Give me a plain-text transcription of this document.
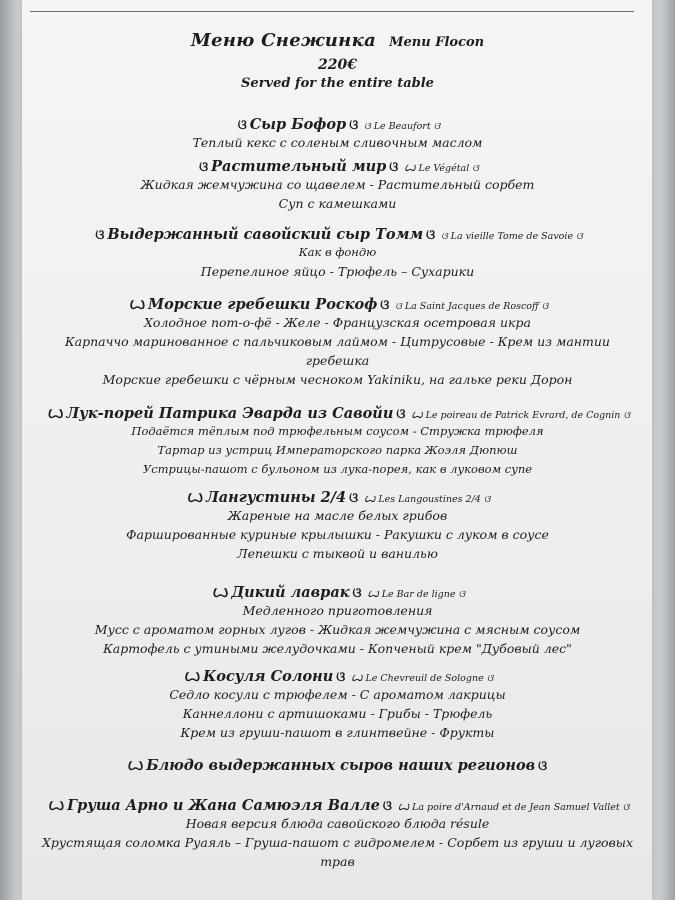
Меню Снежинка Menu Flocon
220€
Served for the entire table
ଓ Сыр Бофор ଓ ଓ Le Beaufort ଓ
Теплый кекс с соленым сливочным маслом
ଓ Растительный мир ଓ Ꙍ Le Végétal ଓ
Жидкая жемчужина со щавелем - Растительный сорбет
Суп с камешками
ଓ Выдержанный савойский сыр Томм ଓ ଓ La vieille Tome de Savoie ଓ
Как в фондю
Перепелиное яйцо - Трюфель – Сухарики
Ꙍ Морские гребешки Роскоф ଓ ଓ La Saint Jacques de Roscoff ଓ
Холодное пот-о-фё - Желе - Французская осетровая икра
Карпаччо маринованное с пальчиковым лаймом - Цитрусовые - Крем из мантии
гребешка
Морские гребешки с чёрным чесноком Yakiniku, на гальке реки Дорон
Ꙍ Лук-порей Патрика Эварда из Савойи ଓ Ꙍ Le poireau de Patrick Evrard, de Cognin ଓ
Подаётся тёплым под трюфельным соусом - Стружка трюфеля
Тартар из устриц Императорского парка Жоэля Дюпюш
Устрицы-пашот с бульоном из лука-порея, как в луковом супе
Ꙍ Лангустины 2/4 ଓ Ꙍ Les Langoustines 2/4 ଓ
Жареные на масле белых грибов
Фаршированные куриные крылышки - Ракушки с луком в соусе
Лепешки с тыквой и ванилью
Ꙍ Дикий лаврак ଓ Ꙍ Le Bar de ligne ଓ
Медленного приготовления
Мусс с ароматом горных лугов - Жидкая жемчужина с мясным соусом
Картофель с утиными желудочками - Копченый крем "Дубовый лес"
Ꙍ Косуля Солони ଓ Ꙍ Le Chevreuil de Sologne ଓ
Седло косули с трюфелем - С ароматом лакрицы
Каннеллони с артишоками - Грибы - Трюфель
Крем из груши-пашот в глинтвейне - Фрукты
Ꙍ Блюдо выдержанных сыров наших регионов ଓ
Ꙍ Груша Арно и Жана Самюэля Валле ଓ Ꙍ La poire d'Arnaud et de Jean Samuel Vallet ଓ
Новая версия блюда савойского блюда résule
Хрустящая соломка Руаяль – Груша-пашот с гидромелем - Сорбет из груши и луговых
трав
